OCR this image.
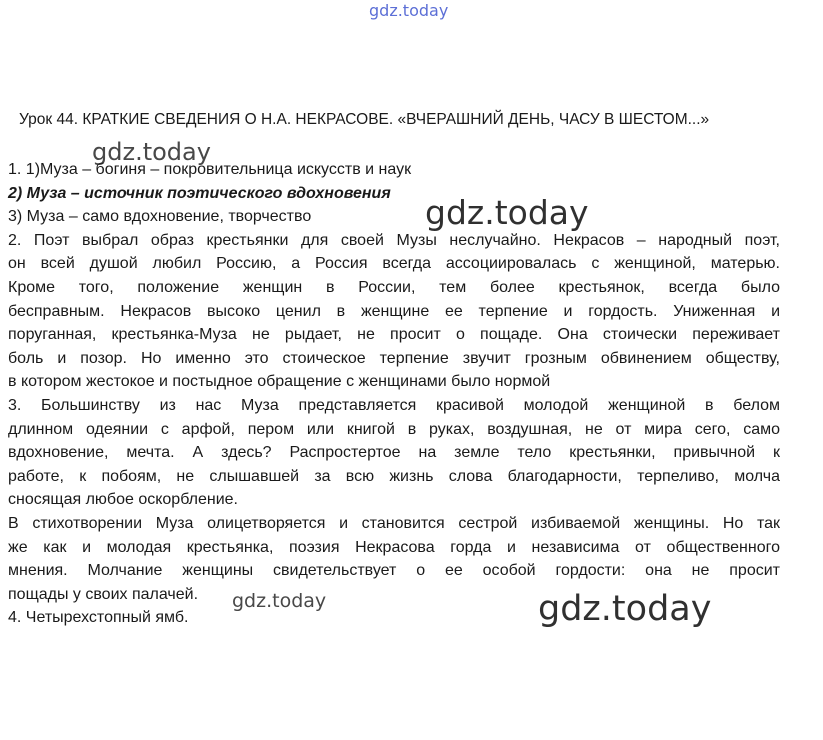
gdz.today
Урок 44. КРАТКИЕ СВЕДЕНИЯ О Н.А. НЕКРАСОВЕ. «ВЧЕРАШНИЙ ДЕНЬ, ЧАСУ В ШЕСТОМ...»
1. 1)Муза – богиня – покровительница искусств и наук
2) Муза – источник поэтического вдохновения
3) Муза – само вдохновение, творчество
2. Поэт выбрал образ крестьянки для своей Музы неслучайно. Некрасов – народный поэт,
он всей душой любил Россию, а Россия всегда ассоциировалась с женщиной, матерью.
Кроме того, положение женщин в России, тем более крестьянок, всегда было
бесправным. Некрасов высоко ценил в женщине ее терпение и гордость. Униженная и
поруганная, крестьянка-Муза не рыдает, не просит о пощаде. Она стоически переживает
боль и позор. Но именно это стоическое терпение звучит грозным обвинением обществу,
в котором жестокое и постыдное обращение с женщинами было нормой
3. Большинству из нас Муза представляется красивой молодой женщиной в белом
длинном одеянии с арфой, пером или книгой в руках, воздушная, не от мира сего, само
вдохновение, мечта. А здесь? Распростертое на земле тело крестьянки, привычной к
работе, к побоям, не слышавшей за всю жизнь слова благодарности, терпеливо, молча
сносящая любое оскорбление.
В стихотворении Муза олицетворяется и становится сестрой избиваемой женщины. Но так
же как и молодая крестьянка, поэзия Некрасова горда и независима от общественного
мнения. Молчание женщины свидетельствует о ее особой гордости: она не просит
пощады у своих палачей.
4. Четырехстопный ямб.
gdz.today
gdz.today
gdz.today	gdz.today
